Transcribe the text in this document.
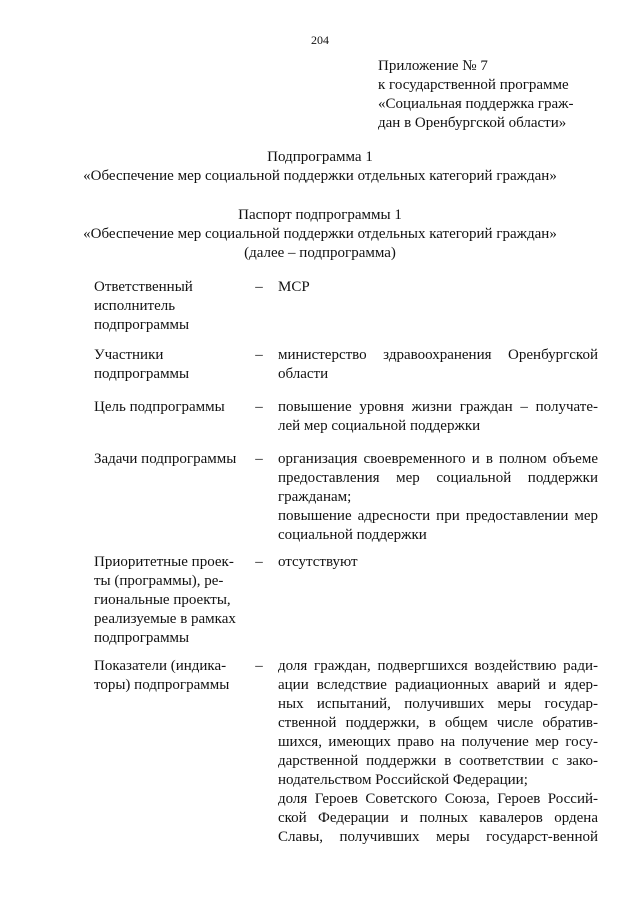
204
Приложение № 7
к государственной программе
«Социальная поддержка граж-
дан в Оренбургской области»
Подпрограмма 1
«Обеспечение мер социальной поддержки отдельных категорий граждан»
Паспорт подпрограммы 1
«Обеспечение мер социальной поддержки отдельных категорий граждан»
(далее – подпрограмма)
Ответственный
исполнитель
подпрограммы
– МСР
Участники
подпрограммы
– министерство здравоохранения Оренбургской
области
Цель подпрограммы	– повышение уровня жизни граждан – получате-
лей мер социальной поддержки
Задачи подпрограммы	– организация своевременного и в полном объеме
предоставления мер социальной поддержки
гражданам;
повышение адресности при предоставлении мер
социальной поддержки
Приоритетные проек-
ты (программы), ре-
гиональные проекты,
реализуемые в рамках
подпрограммы
– отсутствуют
Показатели (индика-
торы) подпрограммы
– доля граждан, подвергшихся воздействию ради-
ации вследствие радиационных аварий и ядер-
ных испытаний, получивших меры государ-
ственной поддержки, в общем числе обратив-
шихся, имеющих право на получение мер госу-
дарственной поддержки в соответствии с зако-
нодательством Российской Федерации;
доля Героев Советского Союза, Героев Россий-
ской Федерации и полных кавалеров ордена
Славы, получивших меры государст-венной
